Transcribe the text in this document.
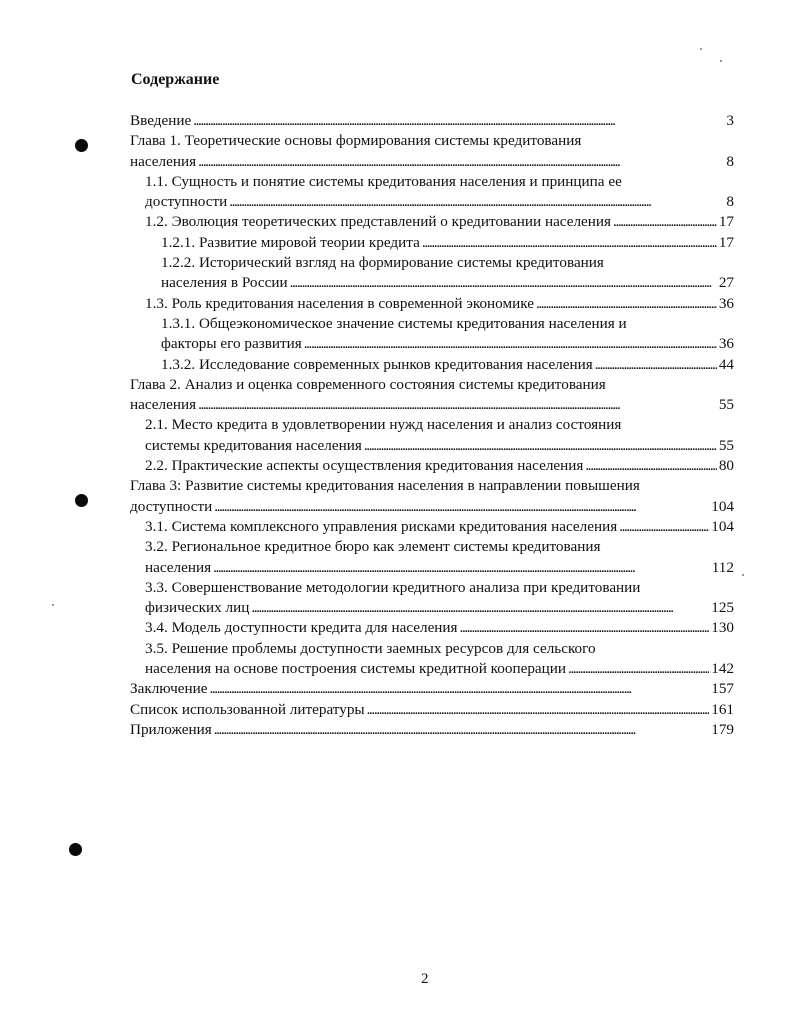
Содержание
Введение . . .	3
Глава 1. Теоретические основы формирования системы кредитования
населения . . .	8
1.1. Сущность и понятие системы кредитования населения и принципа ее
доступности . . .	8
1.2. Эволюция теоретических представлений о кредитовании населения . . .	17
1.2.1. Развитие мировой теории кредита . . .	17
1.2.2. Исторический взгляд на формирование системы кредитования
населения в России . . .	27
1.3. Роль кредитования населения в современной экономике . . .	36
1.3.1. Общеэкономическое значение системы кредитования населения и
факторы его развития . . .	36
1.3.2. Исследование современных рынков кредитования населения . . .	44
Глава 2. Анализ и оценка современного состояния системы кредитования
населения . . .	55
2.1. Место кредита в удовлетворении нужд населения и анализ состояния
системы кредитования населения . . .	55
2.2. Практические аспекты осуществления кредитования населения . . .	80
Глава 3: Развитие системы кредитования населения в направлении повышения
доступности . . .	104
3.1. Система комплексного управления рисками кредитования населения . . .	104
3.2. Региональное кредитное бюро как элемент системы кредитования
населения . . .	112
3.3. Совершенствование методологии кредитного анализа при кредитовании
физических лиц . . .	125
3.4. Модель доступности кредита для населения . . .	130
3.5. Решение проблемы доступности заемных ресурсов для сельского
населения на основе построения системы кредитной кооперации . . .	142
Заключение . . .	157
Список использованной литературы . . .	161
Приложения . . .	179

2
